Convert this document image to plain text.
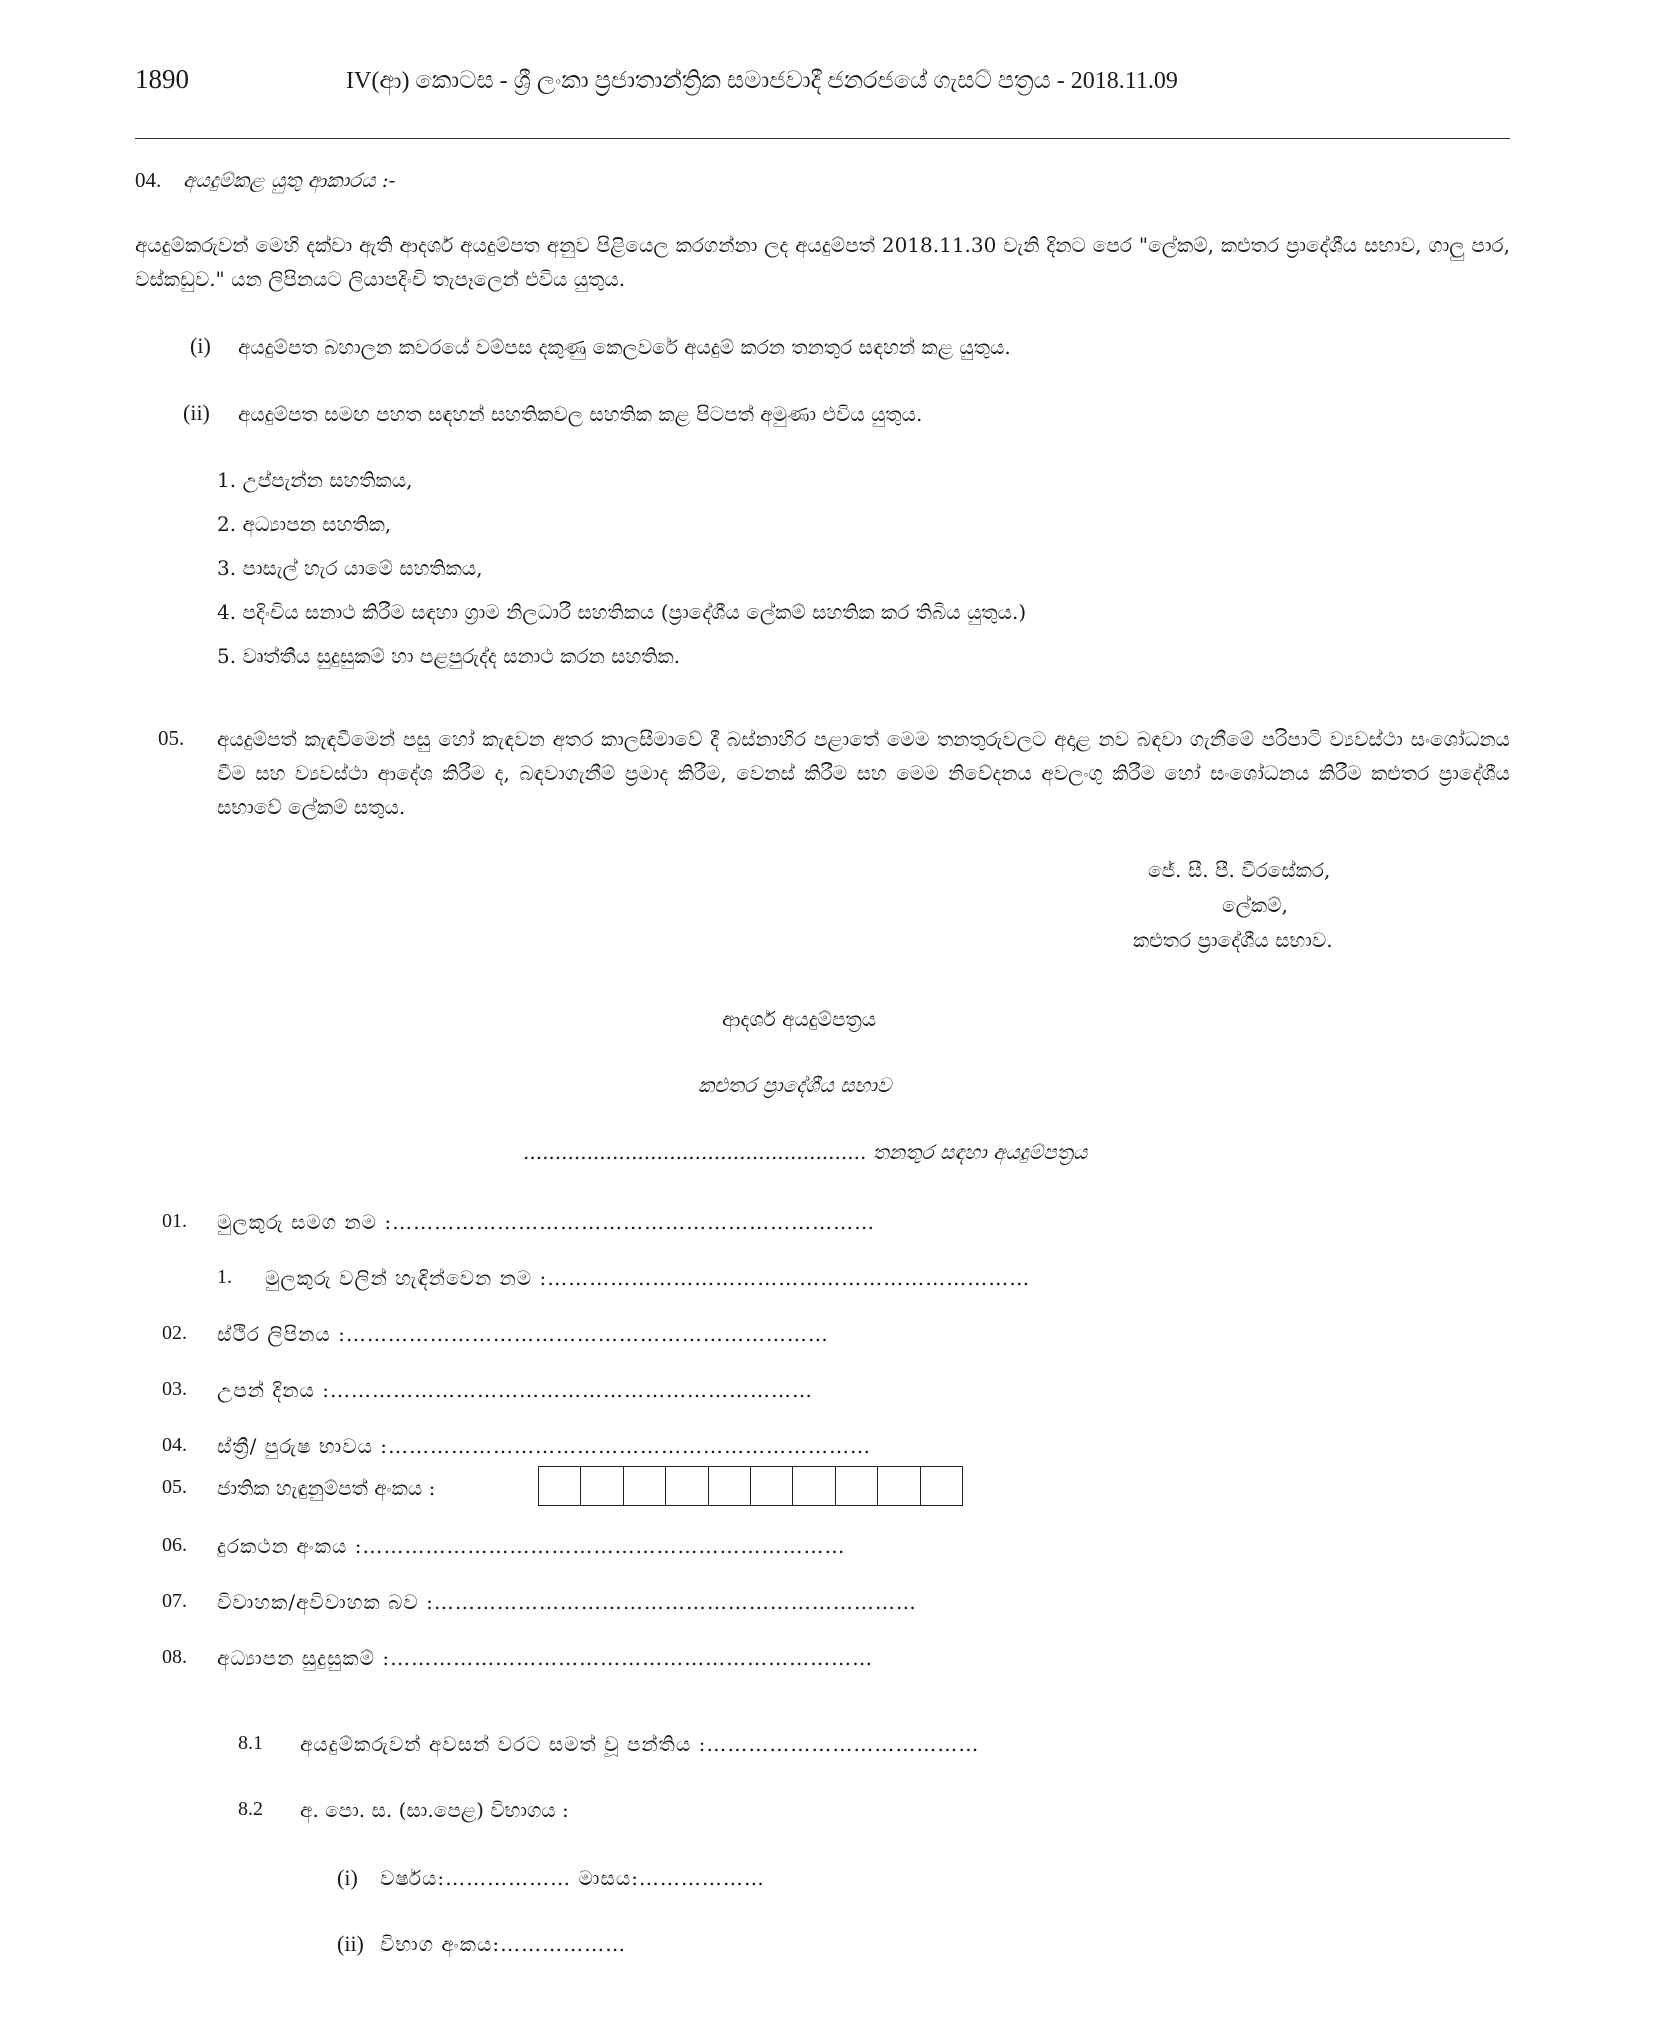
1890	IV(ආ) කොටස - ශ්‍රී ලංකා ප්‍රජාතාන්ත්‍රික සමාජවාදී ජනරජයේ ගැසට් පත්‍රය - 2018.11.09
04. අයදුම්කළ යුතු ආකාරය :-
අයදුම්කරුවන් මෙහි දක්වා ඇති ආදර්ශ අයදුම්පත අනුව පිළියෙල කරගන්නා ලද අයදුම්පත් 2018.11.30 වැනි දිනට පෙර "ලේකම්, කළුතර ප්‍රාදේශීය සභාව, ගාලු පාර, වස්කඩුව." යන ලිපිනයට ලියාපදිංචි තැපෑලෙන් එවිය යුතුය.
(i) අයදුම්පත බහාලන කවරයේ වම්පස දකුණු කෙලවරේ අයදුම් කරන තනතුර සඳහන් කළ යුතුය.
(ii) අයදුම්පත සමඟ පහත සඳහන් සහතිකවල සහතික කළ පිටපත් අමුණා එවිය යුතුය.
1. උප්පැන්න සහතිකය,
2. අධ්‍යාපන සහතික,
3. පාසැල් හැර යාමේ සහතිකය,
4. පදිංචිය සනාථ කිරීම සඳහා ග්‍රාම නිලධාරී සහතිකය (ප්‍රාදේශීය ලේකම් සහතික කර තිබිය යුතුය.)
5. වෘත්තීය සුදුසුකම් හා පළපුරුද්ද සනාථ කරන සහතික.
05. අයදුම්පත් කැඳවීමෙන් පසු හෝ කැඳවන අතර කාලසීමාවේ දී බස්නාහිර පළාතේ මෙම තනතුරුවලට අදාළ නව බඳවා ගැනීමේ පරිපාටි ව්‍යවස්ථා සංශෝධනය වීම සහ ව්‍යවස්ථා ආදේශ කිරීම ද, බඳවාගැනීම් ප්‍රමාද කිරීම, වෙනස් කිරීම සහ මෙම නිවේදනය අවලංගු කිරීම හෝ සංශෝධනය කිරීම කළුතර ප්‍රාදේශීය සභාවේ ලේකම් සතුය.
ජේ. සී. පී. වීරසේකර,
ලේකම්,
කළුතර ප්‍රාදේශීය සභාව.
ආදර්ශ අයදුම්පත්‍රය
කළුතර ප්‍රාදේශීය සභාව
...................................................... තනතුර සඳහා අයදුම්පත්‍රය
01. මුලකුරු සමග නම :……………………………………………………………
1. මුලකුරු වලින් හැඳින්වෙන නම :……………………………………………………………
02. ස්ථිර ලිපිනය :……………………………………………………………
03. උපන් දිනය :……………………………………………………………
04. ස්ත්‍රී/ පුරුෂ භාවය :……………………………………………………………
05. ජාතික හැඳුනුම්පත් අංකය :
06. දුරකථන අංකය :……………………………………………………………
07. විවාහක/අවිවාහක බව :……………………………………………………………
08. අධ්‍යාපන සුදුසුකම් :……………………………………………………………
8.1 අයදුම්කරුවන් අවසන් වරට සමත් වූ පන්තිය :…………………………………
8.2 අ. පො. ස. (සා.පෙළ) විභාගය :
(i) වර්ෂය:……………… මාසය:………………
(ii) විභාග අංකය:………………
